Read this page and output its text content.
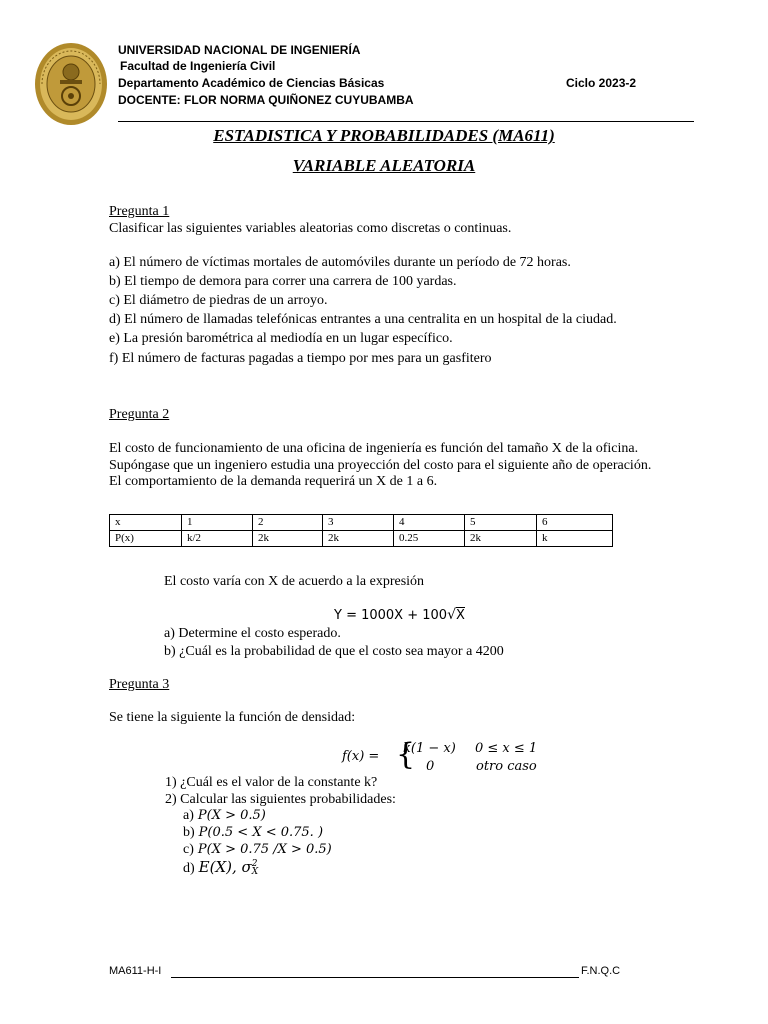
UNIVERSIDAD NACIONAL DE INGENIERÍA
Facultad de Ingeniería Civil
Departamento Académico de Ciencias Básicas	Ciclo 2023-2
DOCENTE: FLOR NORMA QUIÑONEZ CUYUBAMBA
ESTADISTICA Y PROBABILIDADES (MA611)
VARIABLE ALEATORIA
Pregunta 1
Clasificar las siguientes variables aleatorias como discretas o continuas.
a) El número de víctimas mortales de automóviles durante un período de 72 horas.
b) El tiempo de demora para correr una carrera de 100 yardas.
c) El diámetro de piedras de un arroyo.
d) El número de llamadas telefónicas entrantes a una centralita en un hospital de la ciudad.
e) La presión barométrica al mediodía en un lugar específico.
f) El número de facturas pagadas a tiempo por mes para un gasfitero
Pregunta 2
El costo de funcionamiento de una oficina de ingeniería es función del tamaño X de la oficina.
Supóngase que un ingeniero estudia una proyección del costo para el siguiente año de operación.
El comportamiento de la demanda requerirá un X de 1 a 6.
x	1	2	3	4	5	6
P(x)	k/2	2k	2k	0.25	2k	k
El costo varía con X de acuerdo a la expresión
Y = 1000X + 100√X
a) Determine el costo esperado.
b) ¿Cuál es la probabilidad de que el costo sea mayor a 4200
Pregunta 3
Se tiene la siguiente la función de densidad:
f(x) = {
k(1 − x) 0 ≤ x ≤ 1
0	otro caso
1) ¿Cuál es el valor de la constante k?
2) Calcular las siguientes probabilidades:
a) P(X > 0.5)
b) P(0.5 < X < 0.75. )
c) P(X > 0.75 /X > 0.5)
d) E(X), σ 2
X
MA611-H-I	F.N.Q.C
